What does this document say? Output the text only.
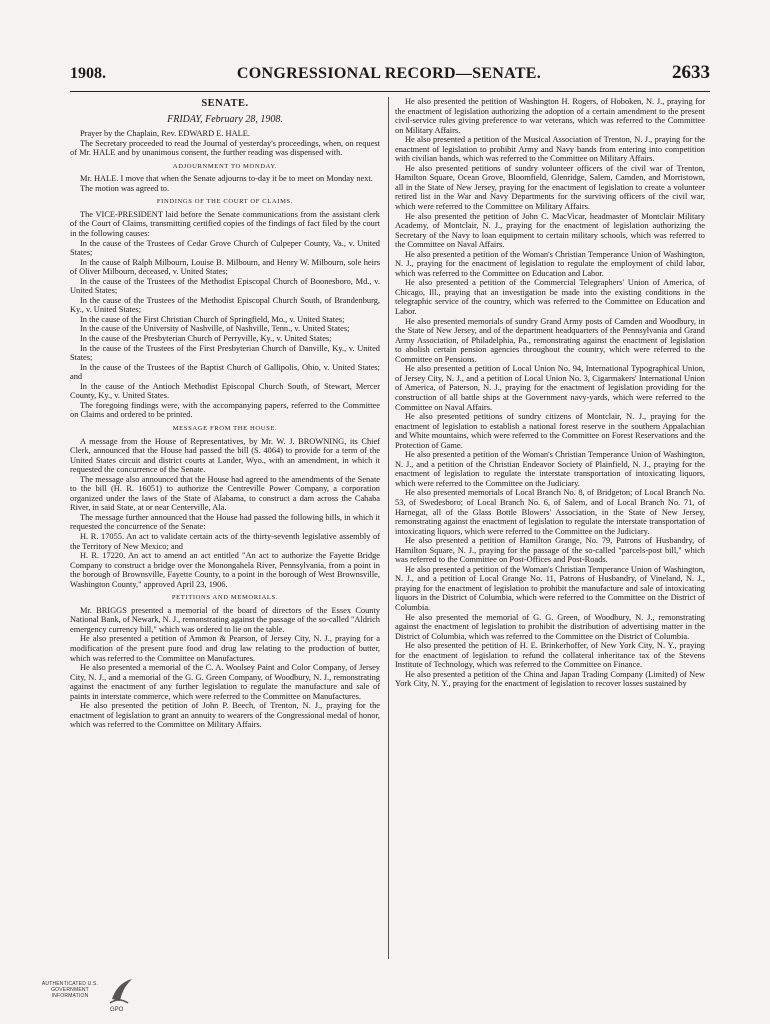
1908.	CONGRESSIONAL RECORD—SENATE.	2633

SENATE.

FRIDAY, February 28, 1908.

Prayer by the Chaplain, Rev. EDWARD E. HALE.

The Secretary proceeded to read the Journal of yesterday's proceedings, when, on request of Mr. HALE and by unanimous consent, the further reading was dispensed with.

ADJOURNMENT TO MONDAY.

Mr. HALE. I move that when the Senate adjourns to-day it be to meet on Monday next.

The motion was agreed to.

FINDINGS OF THE COURT OF CLAIMS.

The VICE-PRESIDENT laid before the Senate communications from the assistant clerk of the Court of Claims, transmitting certified copies of the findings of fact filed by the court in the following causes:

In the cause of the Trustees of Cedar Grove Church of Culpeper County, Va., v. United States;

In the cause of Ralph Milbourn, Louise B. Milbourn, and Henry W. Milbourn, sole heirs of Oliver Milbourn, deceased, v. United States;

In the cause of the Trustees of the Methodist Episcopal Church of Boonesboro, Md., v. United States;

In the cause of the Trustees of the Methodist Episcopal Church South, of Brandenburg, Ky., v. United States;

In the cause of the First Christian Church of Springfield, Mo., v. United States;

In the cause of the University of Nashville, of Nashville, Tenn., v. United States;

In the cause of the Presbyterian Church of Perryville, Ky., v. United States;

In the cause of the Trustees of the First Presbyterian Church of Danville, Ky., v. United States;

In the cause of the Trustees of the Baptist Church of Gallipolis, Ohio, v. United States; and

In the cause of the Antioch Methodist Episcopal Church South, of Stewart, Mercer County, Ky., v. United States.

The foregoing findings were, with the accompanying papers, referred to the Committee on Claims and ordered to be printed.

MESSAGE FROM THE HOUSE.

A message from the House of Representatives, by Mr. W. J. BROWNING, its Chief Clerk, announced that the House had passed the bill (S. 4064) to provide for a term of the United States circuit and district courts at Lander, Wyo., with an amendment, in which it requested the concurrence of the Senate.

The message also announced that the House had agreed to the amendments of the Senate to the bill (H. R. 16051) to authorize the Centreville Power Company, a corporation organized under the laws of the State of Alabama, to construct a dam across the Cahaba River, in said State, at or near Centerville, Ala.

The message further announced that the House had passed the following bills, in which it requested the concurrence of the Senate:

H. R. 17055. An act to validate certain acts of the thirty-seventh legislative assembly of the Territory of New Mexico; and

H. R. 17220. An act to amend an act entitled "An act to authorize the Fayette Bridge Company to construct a bridge over the Monongahela River, Pennsylvania, from a point in the borough of Brownsville, Fayette County, to a point in the borough of West Brownsville, Washington County," approved April 23, 1906.

PETITIONS AND MEMORIALS.

Mr. BRIGGS presented a memorial of the board of directors of the Essex County National Bank, of Newark, N. J., remonstrating against the passage of the so-called "Aldrich emergency currency bill," which was ordered to lie on the table.

He also presented a petition of Ammon & Pearson, of Jersey City, N. J., praying for a modification of the present pure food and drug law relating to the production of butter, which was referred to the Committee on Manufactures.

He also presented a memorial of the C. A. Woolsey Paint and Color Company, of Jersey City, N. J., and a memorial of the G. G. Green Company, of Woodbury, N. J., remonstrating against the enactment of any further legislation to regulate the manufacture and sale of paints in interstate commerce, which were referred to the Committee on Manufactures.

He also presented the petition of John P. Beech, of Trenton, N. J., praying for the enactment of legislation to grant an annuity to wearers of the Congressional medal of honor, which was referred to the Committee on Military Affairs.

He also presented the petition of Washington H. Rogers, of Hoboken, N. J., praying for the enactment of legislation authorizing the adoption of a certain amendment to the present civil-service rules giving preference to war veterans, which was referred to the Committee on Military Affairs.

He also presented a petition of the Musical Association of Trenton, N. J., praying for the enactment of legislation to prohibit Army and Navy bands from entering into competition with civilian bands, which was referred to the Committee on Military Affairs.

He also presented petitions of sundry volunteer officers of the civil war of Trenton, Hamilton Square, Ocean Grove, Bloomfield, Glenridge, Salem, Camden, and Morristown, all in the State of New Jersey, praying for the enactment of legislation to create a volunteer retired list in the War and Navy Departments for the surviving officers of the civil war, which were referred to the Committee on Military Affairs.

He also presented the petition of John C. MacVicar, headmaster of Montclair Military Academy, of Montclair, N. J., praying for the enactment of legislation authorizing the Secretary of the Navy to loan equipment to certain military schools, which was referred to the Committee on Naval Affairs.

He also presented a petition of the Woman's Christian Temperance Union of Washington, N. J., praying for the enactment of legislation to regulate the employment of child labor, which was referred to the Committee on Education and Labor.

He also presented a petition of the Commercial Telegraphers' Union of America, of Chicago, Ill., praying that an investigation be made into the existing conditions in the telegraphic service of the country, which was referred to the Committee on Education and Labor.

He also presented memorials of sundry Grand Army posts of Camden and Woodbury, in the State of New Jersey, and of the department headquarters of the Pennsylvania and Grand Army Association, of Philadelphia, Pa., remonstrating against the enactment of legislation to abolish certain pension agencies throughout the country, which were referred to the Committee on Pensions.

He also presented a petition of Local Union No. 94, International Typographical Union, of Jersey City, N. J., and a petition of Local Union No. 3, Cigarmakers' International Union of America, of Paterson, N. J., praying for the enactment of legislation providing for the construction of all battle ships at the Government navy-yards, which were referred to the Committee on Naval Affairs.

He also presented petitions of sundry citizens of Montclair, N. J., praying for the enactment of legislation to establish a national forest reserve in the southern Appalachian and White mountains, which were referred to the Committee on Forest Reservations and the Protection of Game.

He also presented a petition of the Woman's Christian Temperance Union of Washington, N. J., and a petition of the Christian Endeavor Society of Plainfield, N. J., praying for the enactment of legislation to regulate the interstate transportation of intoxicating liquors, which were referred to the Committee on the Judiciary.

He also presented memorials of Local Branch No. 8, of Bridgeton; of Local Branch No. 53, of Swedesboro; of Local Branch No. 6, of Salem, and of Local Branch No. 71, of Harnegat, all of the Glass Bottle Blowers' Association, in the State of New Jersey, remonstrating against the enactment of legislation to regulate the interstate transportation of intoxicating liquors, which were referred to the Committee on the Judiciary.

He also presented a petition of Hamilton Grange, No. 79, Patrons of Husbandry, of Hamilton Square, N. J., praying for the passage of the so-called "parcels-post bill," which was referred to the Committee on Post-Offices and Post-Roads.

He also presented a petition of the Woman's Christian Temperance Union of Washington, N. J., and a petition of Local Grange No. 11, Patrons of Husbandry, of Vineland, N. J., praying for the enactment of legislation to prohibit the manufacture and sale of intoxicating liquors in the District of Columbia, which were referred to the Committee on the District of Columbia.

He also presented the memorial of G. G. Green, of Woodbury, N. J., remonstrating against the enactment of legislation to prohibit the distribution of advertising matter in the District of Columbia, which was referred to the Committee on the District of Columbia.

He also presented the petition of H. E. Brinkerhoffer, of New York City, N. Y., praying for the enactment of legislation to refund the collateral inheritance tax of the Stevens Institute of Technology, which was referred to the Committee on Finance.

He also presented a petition of the China and Japan Trading Company (Limited) of New York City, N. Y., praying for the enactment of legislation to recover losses sustained by

AUTHENTICATED U.S. GOVERNMENT INFORMATION
GPO
